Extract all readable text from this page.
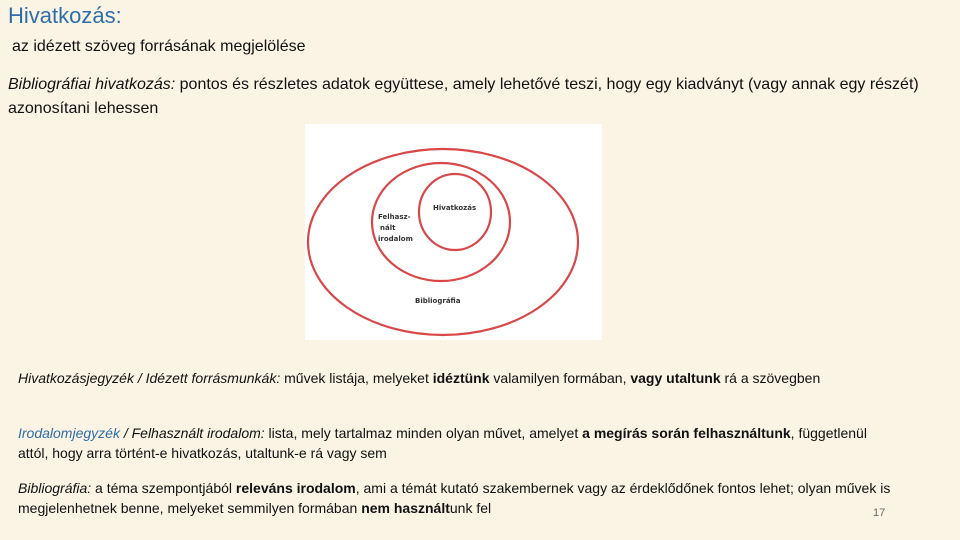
Hivatkozás:
az idézett szöveg forrásának megjelölése
Bibliográfiai hivatkozás: pontos és részletes adatok együttese, amely lehetővé teszi, hogy egy kiadványt (vagy annak egy részét) azonosítani lehessen
Hivatkozás
Felhasz-
nált
irodalom
Bibliográfia
Hivatkozásjegyzék / Idézett forrásmunkák: művek listája, melyeket idéztünk valamilyen formában, vagy utaltunk rá a szövegben
Irodalomjegyzék / Felhasznált irodalom: lista, mely tartalmaz minden olyan művet, amelyet a megírás során felhasználtunk, függetlenül attól, hogy arra történt-e hivatkozás, utaltunk-e rá vagy sem
Bibliográfia: a téma szempontjából releváns irodalom, ami a témát kutató szakembernek vagy az érdeklődőnek fontos lehet; olyan művek is megjelenhetnek benne, melyeket semmilyen formában nem használtunk fel	17
